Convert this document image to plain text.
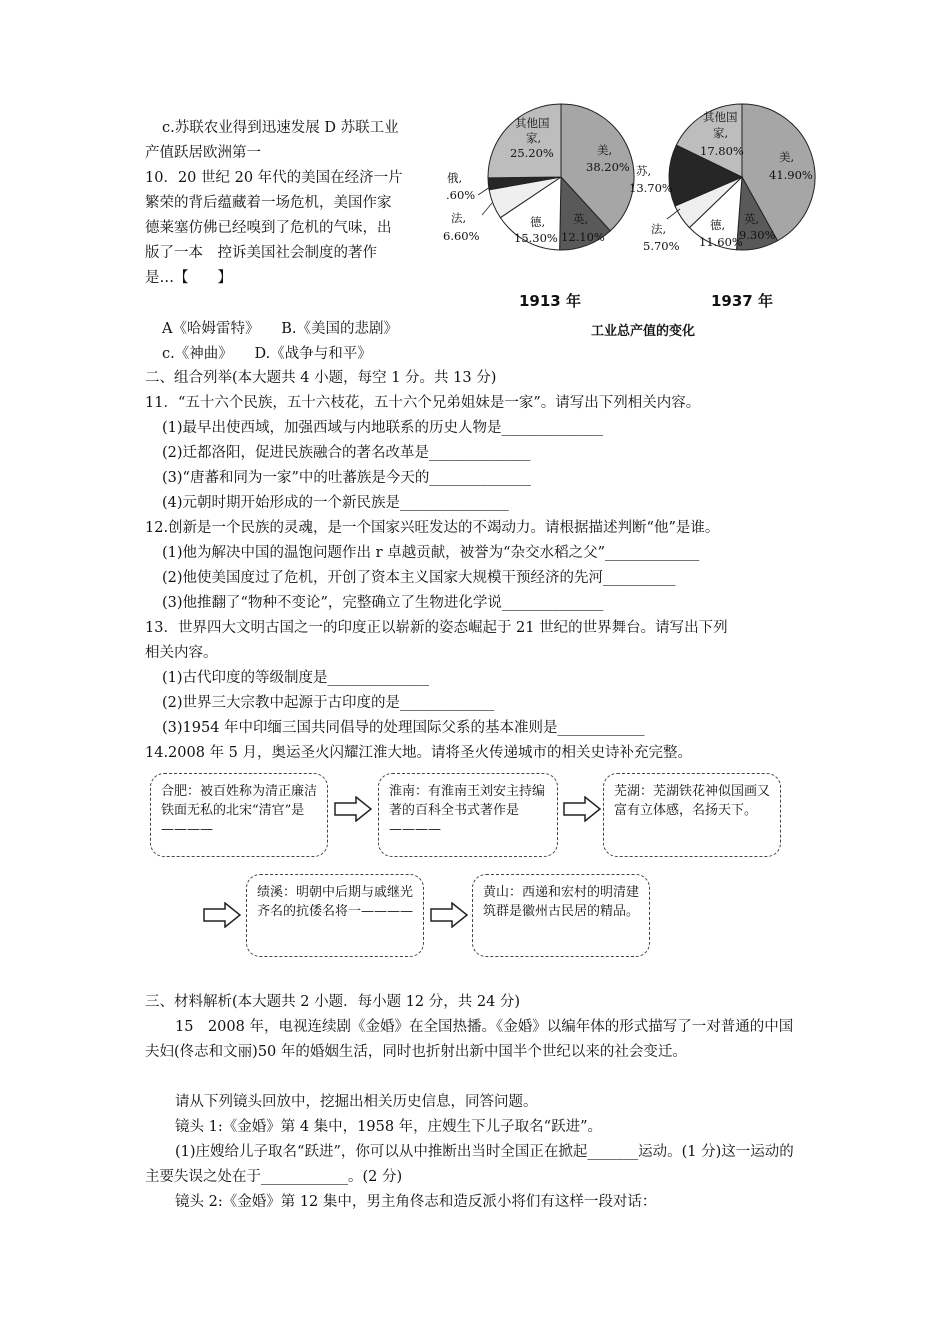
c.苏联农业得到迅速发展 D 苏联工业
产值跃居欧洲第一
10．20 世纪 20 年代的美国在经济一片
繁荣的背后蕴藏着一场危机，美国作家
德莱塞仿佛已经嗅到了危机的气味，出
版了一本　控诉美国社会制度的著作
是…【　　】
A《哈姆雷特》　　B.《美国的悲剧》
c.《神曲》　　D.《战争与和平》
其他国
家,
25.20%	美,
38.20%
英,
12.10%
德,
15.30%
法,
6.60%
俄,
.60%
其他国
家,
17.80%	美,
41.90%
英,
9.30%
德,
11.60%
法,
5.70%
苏,
13.70%
1913 年	1937 年
工业总产值的变化
二、组合列举(本大题共 4 小题，每空 1 分。共 13 分)
11．“五十六个民族，五十六枝花，五十六个兄弟姐妹是一家”。请写出下列相关内容。
(1)最早出使西域，加强西域与内地联系的历史人物是______________
(2)迁都洛阳，促进民族融合的著名改革是______________
(3)“唐蕃和同为一家”中的吐蕃族是今天的______________
(4)元朝时期开始形成的一个新民族是_______________
12.创新是一个民族的灵魂，是一个国家兴旺发达的不竭动力。请根据描述判断“他”是谁。
(1)他为解决中国的温饱问题作出 r 卓越贡献，被誉为“杂交水稻之父”_____________
(2)他使美国度过了危机，开创了资本主义国家大规模干预经济的先河__________
(3)他推翻了“物种不变论”，完整确立了生物进化学说______________
13．世界四大文明古国之一的印度正以崭新的姿态崛起于 21 世纪的世界舞台。请写出下列
相关内容。
(1)古代印度的等级制度是______________
(2)世界三大宗教中起源于古印度的是_____________
(3)1954 年中印缅三国共同倡导的处理国际父系的基本准则是____________
14.2008 年 5 月，奥运圣火闪耀江淮大地。请将圣火传递城市的相关史诗补充完整。
合肥：被百姓称为清正廉洁铁面无私的北宋“清官”是————
淮南：有淮南王刘安主持编著的百科全书式著作是————
芜湖：芜湖铁花神似国画又富有立体感，名扬天下。
绩溪：明朝中后期与戚继光齐名的抗倭名将一————
黄山：西递和宏村的明清建筑群是徽州古民居的精品。
三、材料解析(本大题共 2 小题．每小题 12 分，共 24 分)
15　2008 年，电视连续剧《金婚》在全国热播。《金婚》以编年体的形式描写了一对普通的中国夫妇(佟志和文丽)50 年的婚姻生活，同时也折射出新中国半个世纪以来的社会变迁。
请从下列镜头回放中，挖掘出相关历史信息，同答问题。
镜头 1:《金婚》第 4 集中，1958 年，庄嫂生下儿子取名“跃进”。
(1)庄嫂给儿子取名“跃进”，你可以从中推断出当时全国正在掀起_______运动。(1 分)这一运动的主要失误之处在于____________。(2 分)
镜头 2:《金婚》第 12 集中，男主角佟志和造反派小将们有这样一段对话：
